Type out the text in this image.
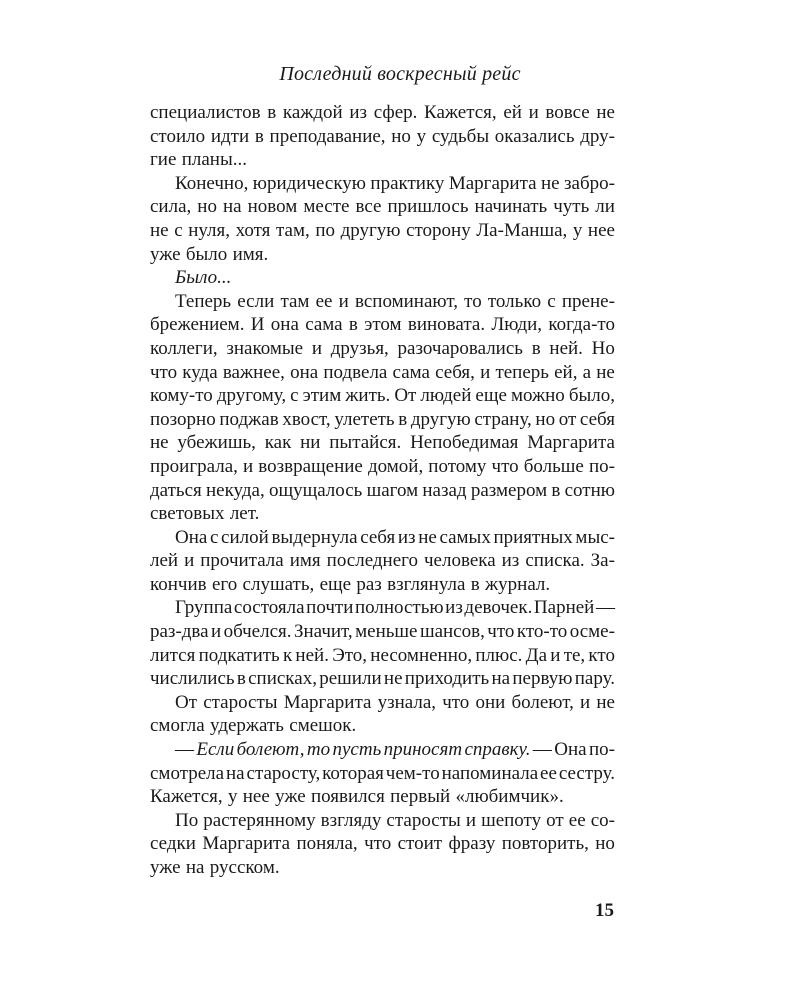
Последний воскресный рейс
специалистов в каждой из сфер. Кажется, ей и вовсе не
стоило идти в преподавание, но у судьбы оказались дру-
гие планы...
Конечно, юридическую практику Маргарита не забро-
сила, но на новом месте все пришлось начинать чуть ли
не с нуля, хотя там, по другую сторону Ла-Манша, у нее
уже было имя.
Было...
Теперь если там ее и вспоминают, то только с прене-
брежением. И она сама в этом виновата. Люди, когда-то
коллеги, знакомые и друзья, разочаровались в ней. Но
что куда важнее, она подвела сама себя, и теперь ей, а не
кому-то другому, с этим жить. От людей еще можно было,
позорно поджав хвост, улететь в другую страну, но от себя
не убежишь, как ни пытайся. Непобедимая Маргарита
проиграла, и возвращение домой, потому что больше по-
даться некуда, ощущалось шагом назад размером в сотню
световых лет.
Она с силой выдернула себя из не самых приятных мыс-
лей и прочитала имя последнего человека из списка. За-
кончив его слушать, еще раз взглянула в журнал.
Группа состояла почти полностью из девочек. Парней —
раз-два и обчелся. Значит, меньше шансов, что кто-то осме-
лится подкатить к ней. Это, несомненно, плюс. Да и те, кто
числились в списках, решили не приходить на первую пару.
От старосты Маргарита узнала, что они болеют, и не
смогла удержать смешок.
— Если болеют, то пусть приносят справку. — Она по-
смотрела на старосту, которая чем-то напоминала ее сестру.
Кажется, у нее уже появился первый «любимчик».
По растерянному взгляду старосты и шепоту от ее со-
седки Маргарита поняла, что стоит фразу повторить, но
уже на русском.
15
